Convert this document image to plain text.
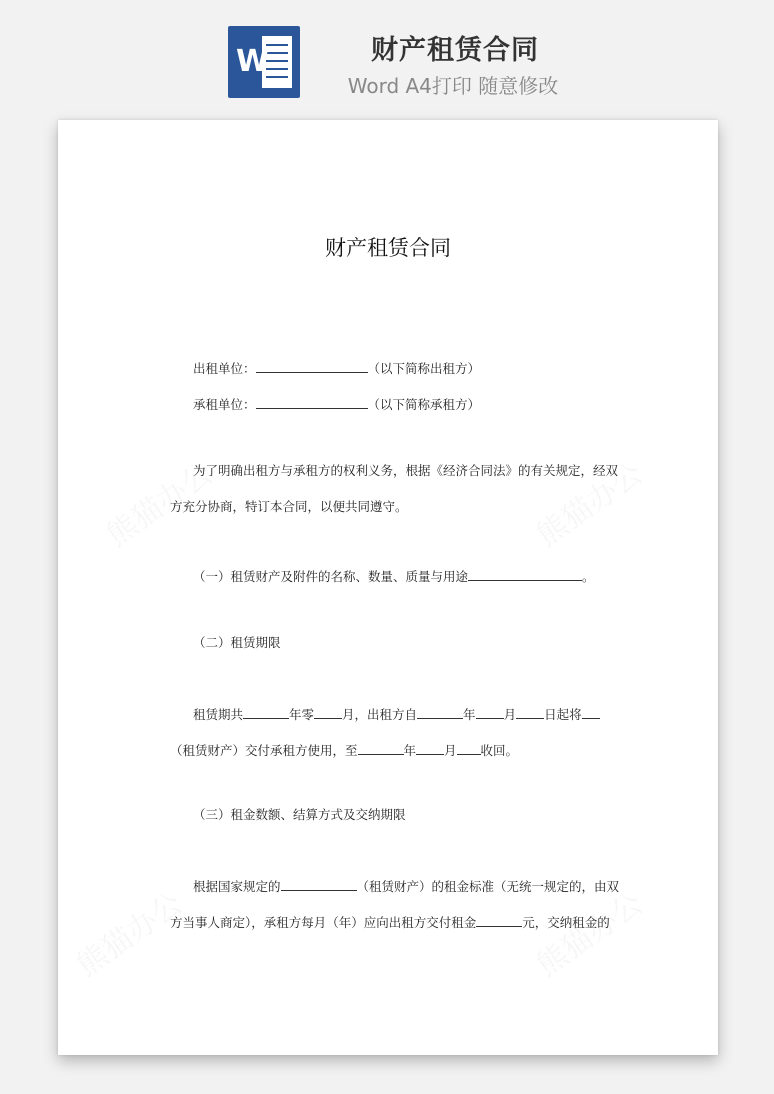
W	财产租赁合同
Word A4打印 随意修改
财产租赁合同
出租单位：	（以下简称出租方）
承租单位：	（以下简称承租方）
为了明确出租方与承租方的权利义务，根据《经济合同法》的有关规定，经双
方充分协商，特订本合同，以便共同遵守。
（一）租赁财产及附件的名称、数量、质量与用途	。
（二）租赁期限
租赁期共	年零 月，出租方自	年 月 日起将
（租赁财产）交付承租方使用，至	年 月 收回。
（三）租金数额、结算方式及交纳期限
根据国家规定的	（租赁财产）的租金标准（无统一规定的，由双
方当事人商定），承租方每月（年）应向出租方交付租金	元，交纳租金的
